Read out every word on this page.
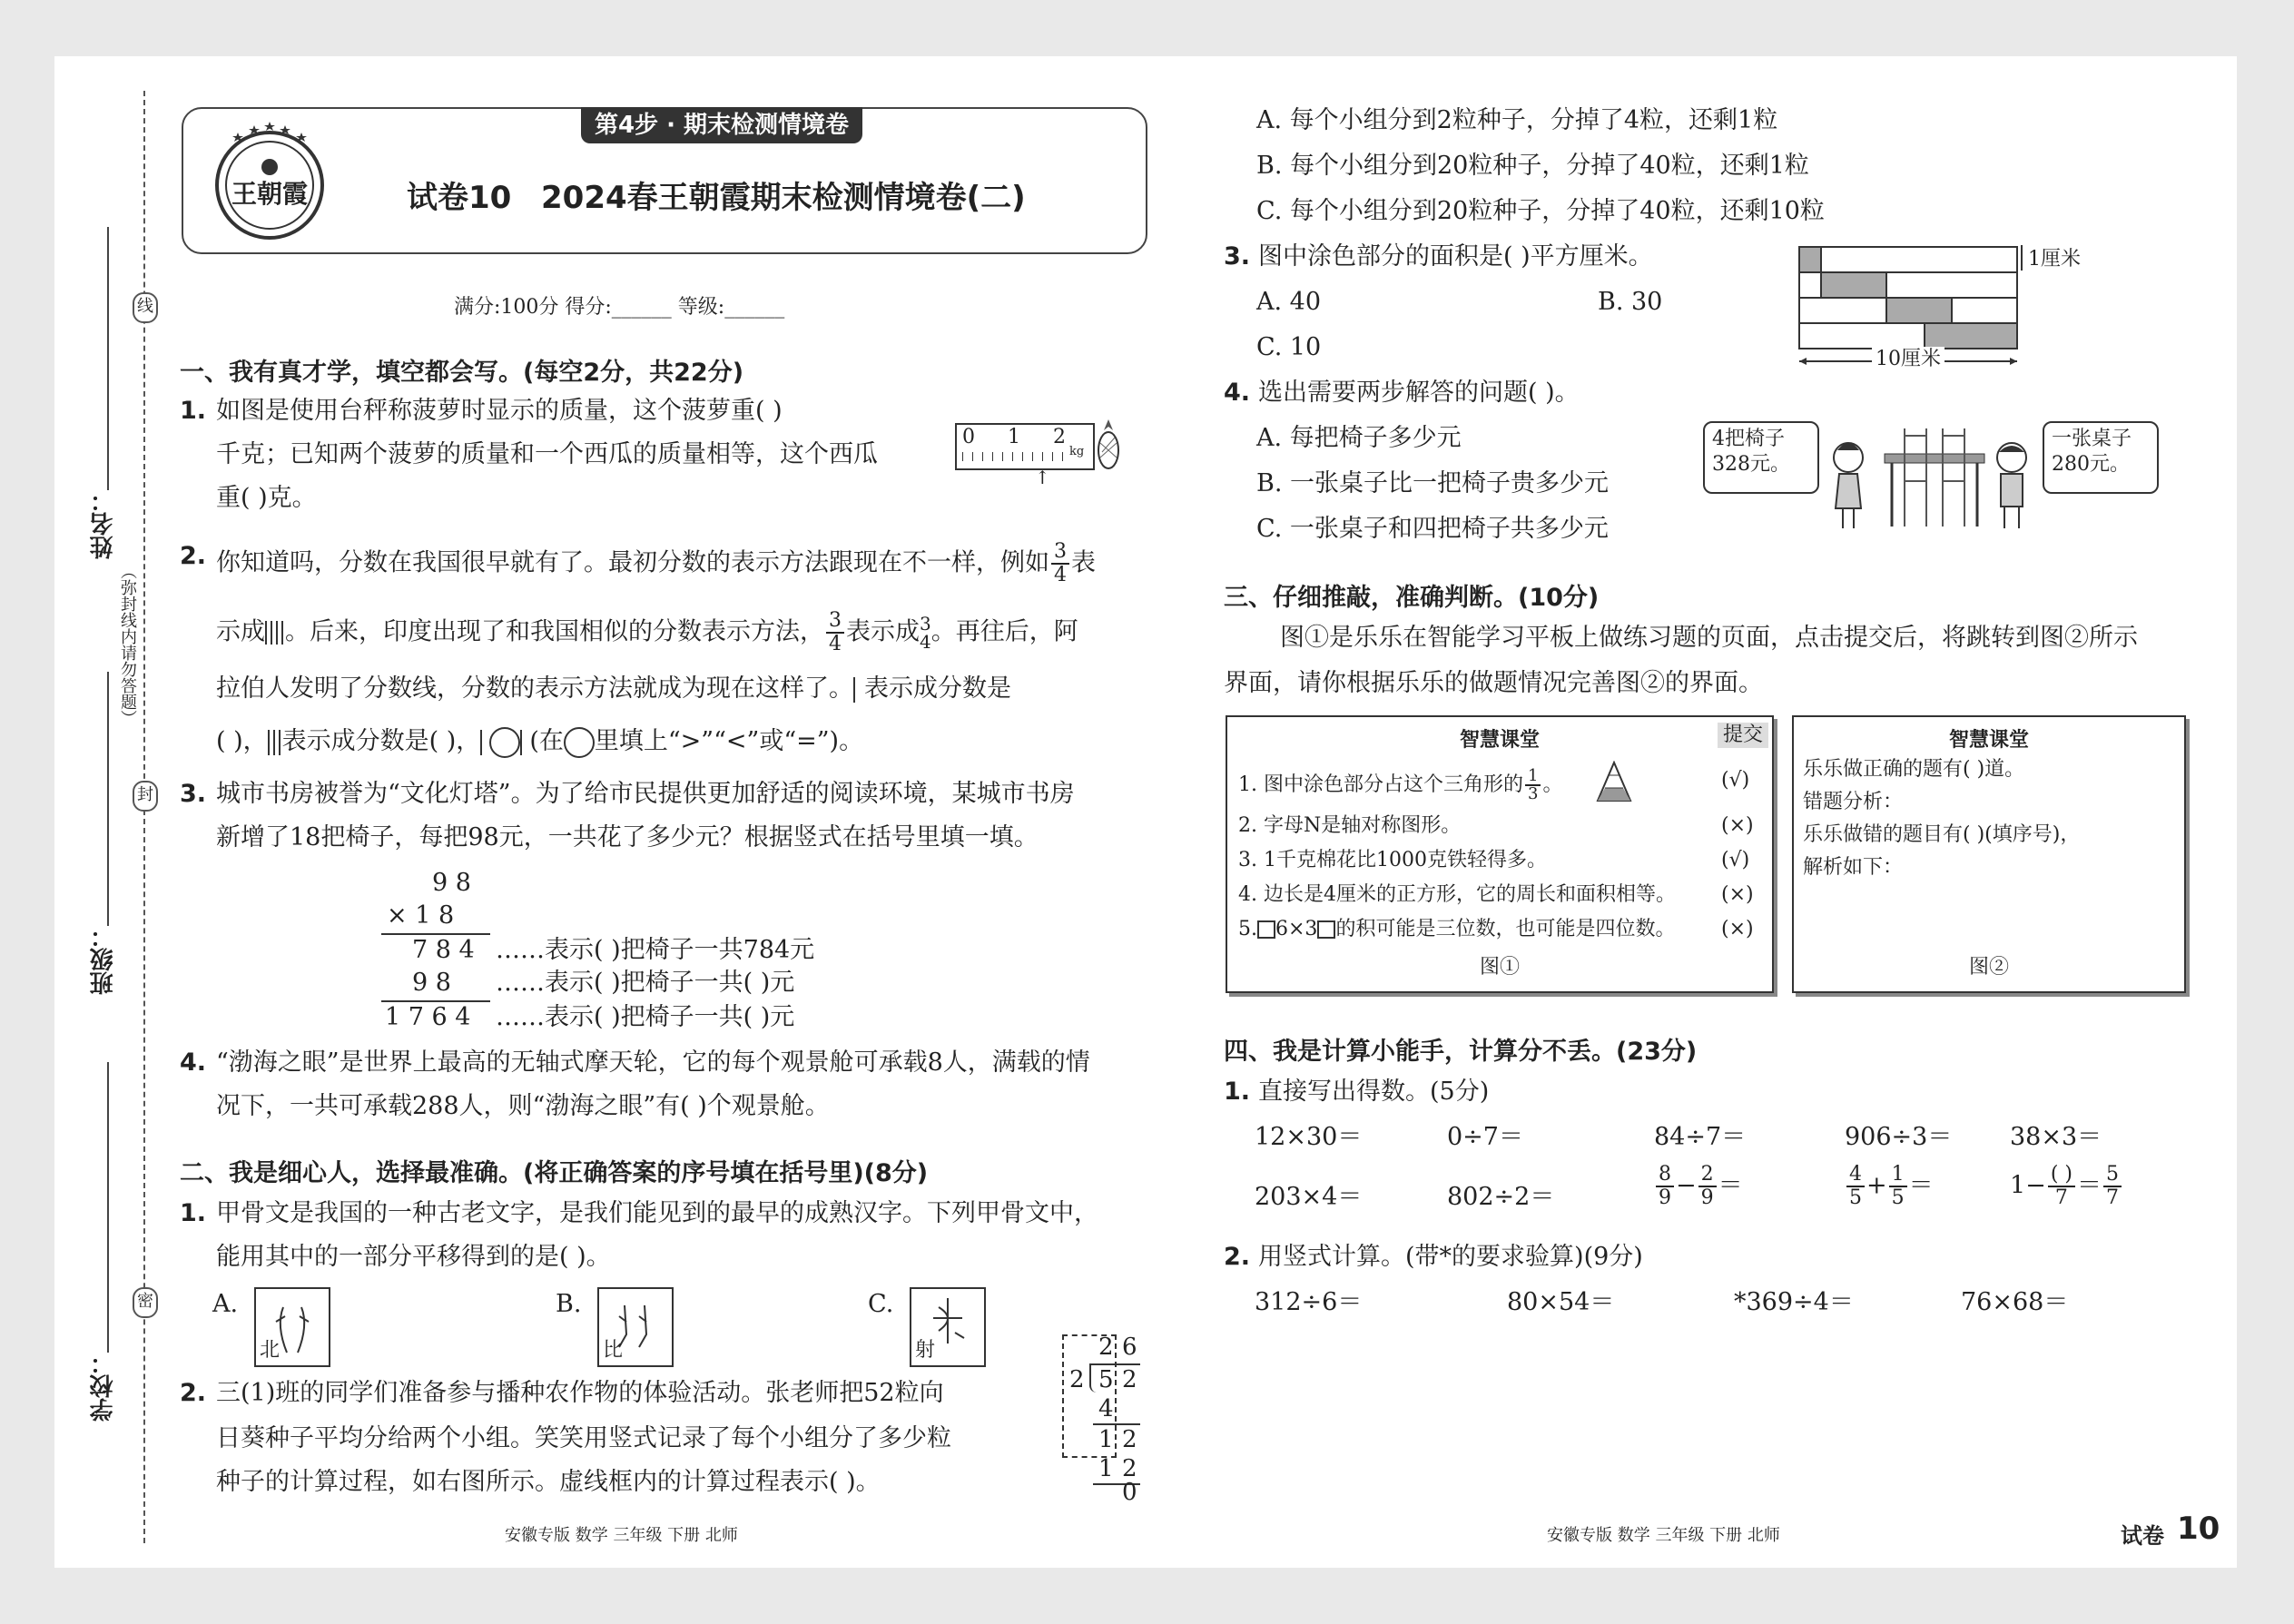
线
封
密
（弥封线内请勿答题）
姓名：
班级：
学校：
第4步 · 期末检测情境卷
王朝霞	试卷10 2024春王朝霞期末检测情境卷(二)
满分:100分 得分:______ 等级:______
一、我有真才学，填空都会写。(每空2分，共22分)
1. 如图是使用台秤称菠萝时显示的质量，这个菠萝重( )
千克；已知两个菠萝的质量和一个西瓜的质量相等，这个西瓜
重( )克。
0 1 2
kg
↑
2. 你知道吗，分数在我国很早就有了。最初分数的表示方法跟现在不一样，例如 $\frac{3}{4}$ 表
示成 。后来，印度出现了和我国相似的分数表示方法， $\frac{3}{4}$ 表示成 3
4 。再往后，阿
拉伯人发明了分数线，分数的表示方法就成为现在这样了。 表示成分数是
( )， 表示成分数是( )， (在 里填上“>”“<”或“=”)。
3. 城市书房被誉为“文化灯塔”。为了给市民提供更加舒适的阅读环境，某城市书房
新增了18把椅子，每把98元，一共花了多少元？根据竖式在括号里填一填。
9 8
× 1 8
7 8 4 ……表示( )把椅子一共784元
9 8 ……表示( )把椅子一共( )元
1 7 6 4 ……表示( )把椅子一共( )元
4. “渤海之眼”是世界上最高的无轴式摩天轮，它的每个观景舱可承载8人，满载的情
况下，一共可承载288人，则“渤海之眼”有( )个观景舱。
二、我是细心人，选择最准确。(将正确答案的序号填在括号里)(8分)
1. 甲骨文是我国的一种古老文字，是我们能见到的最早的成熟汉字。下列甲骨文中，
能用其中的一部分平移得到的是( )。
A.
北
B.
比
C.
射
2. 三(1)班的同学们准备参与播种农作物的体验活动。张老师把52粒向
日葵种子平均分给两个小组。笑笑用竖式记录了每个小组分了多少粒
种子的计算过程，如右图所示。虚线框内的计算过程表示( )。
2 6
2 5 2
4
1 2
1 2
0
A. 每个小组分到2粒种子，分掉了4粒，还剩1粒
B. 每个小组分到20粒种子，分掉了40粒，还剩1粒
C. 每个小组分到20粒种子，分掉了40粒，还剩10粒
3. 图中涂色部分的面积是( )平方厘米。
A. 40	B. 30
C. 10
1厘米
10厘米
4. 选出需要两步解答的问题( )。
A. 每把椅子多少元
B. 一张桌子比一把椅子贵多少元
C. 一张桌子和四把椅子共多少元
4把椅子
328元。
一张桌子
280元。
三、仔细推敲，准确判断。(10分)
图①是乐乐在智能学习平板上做练习题的页面，点击提交后，将跳转到图②所示
界面，请你根据乐乐的做题情况完善图②的界面。
智慧课堂	提交
1. 图中涂色部分占这个三角形的 $\frac{1}{3}$ 。	(√)
2. 字母N是轴对称图形。	(×)
3. 1千克棉花比1000克铁轻得多。	(√)
4. 边长是4厘米的正方形，它的周长和面积相等。 (×)
5. 6×3 的积可能是三位数，也可能是四位数。 (×)
图①
智慧课堂
乐乐做正确的题有( )道。
错题分析：
乐乐做错的题目有( )(填序号)，
解析如下：
图②
四、我是计算小能手，计算分不丢。(23分)
1. 直接写出得数。(5分)
12×30＝	0÷7＝	84÷7＝	906÷3＝ 38×3＝
203×4＝	802÷2＝	$\frac{8}{9} - \frac{2}{9}$ ＝	$\frac{4}{5} + \frac{1}{5}$ ＝	$1- \frac{( )}{7} = \frac{5}{7}$
2. 用竖式计算。(带*的要求验算)(9分)
312÷6＝	80×54＝	*369÷4＝	76×68＝
安徽专版 数学 三年级 下册 北师	安徽专版 数学 三年级 下册 北师	试卷 10
